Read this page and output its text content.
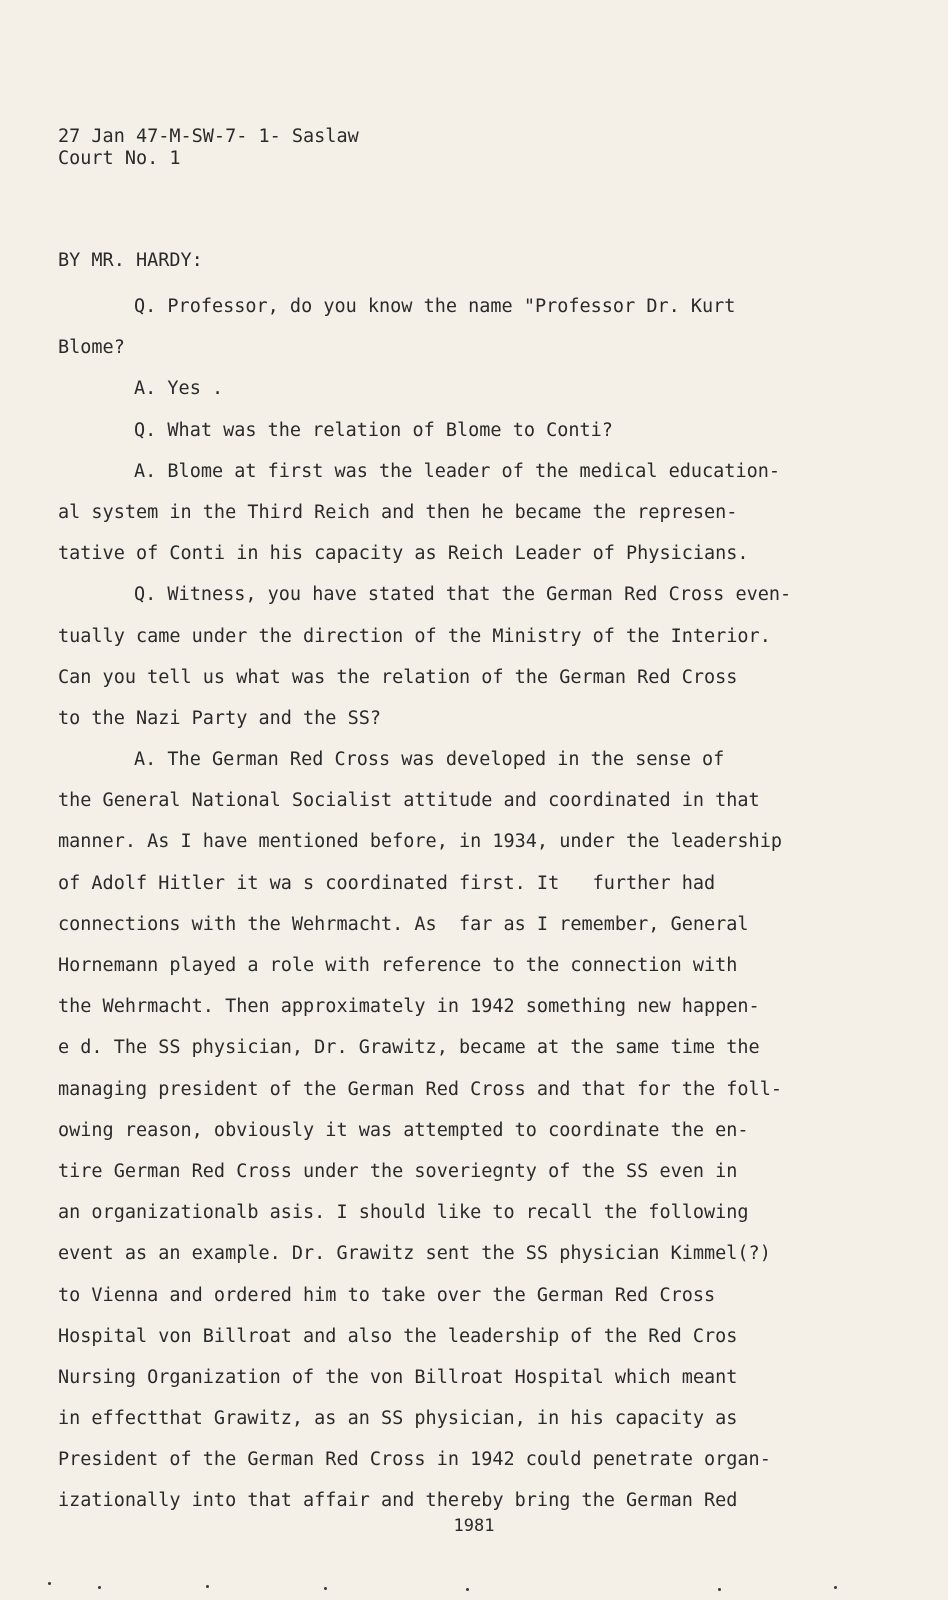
27 Jan 47-M-SW-7- 1- Saslaw
Court No. 1
BY MR. HARDY:
Q. Professor, do you know the name "Professor Dr. Kurt
Blome?
A. Yes .
Q. What was the relation of Blome to Conti?
A. Blome at first was the leader of the medical education-
al system in the Third Reich and then he became the represen-
tative of Conti in his capacity as Reich Leader of Physicians.
Q. Witness, you have stated that the German Red Cross even-
tually came under the direction of the Ministry of the Interior.
Can you tell us what was the relation of the German Red Cross
to the Nazi Party and the SS?
A. The German Red Cross was developed in the sense of
the General National Socialist attitude and coordinated in that
manner. As I have mentioned before, in 1934, under the leadership
of Adolf Hitler it wa s coordinated first. It   further had
connections with the Wehrmacht. As  far as I remember, General
Hornemann played a role with reference to the connection with
the Wehrmacht. Then approximately in 1942 something new happen-
e d. The SS physician, Dr. Grawitz, became at the same time the
managing president of the German Red Cross and that for the foll-
owing reason, obviously it was attempted to coordinate the en-
tire German Red Cross under the soveriegnty of the SS even in
an organizationalb asis. I should like to recall the following
event as an example. Dr. Grawitz sent the SS physician Kimmel(?)
to Vienna and ordered him to take over the German Red Cross
Hospital von Billroat and also the leadership of the Red Cros
Nursing Organization of the von Billroat Hospital which meant
in effectthat Grawitz, as an SS physician, in his capacity as
President of the German Red Cross in 1942 could penetrate organ-
izationally into that affair and thereby bring the German Red
1981
